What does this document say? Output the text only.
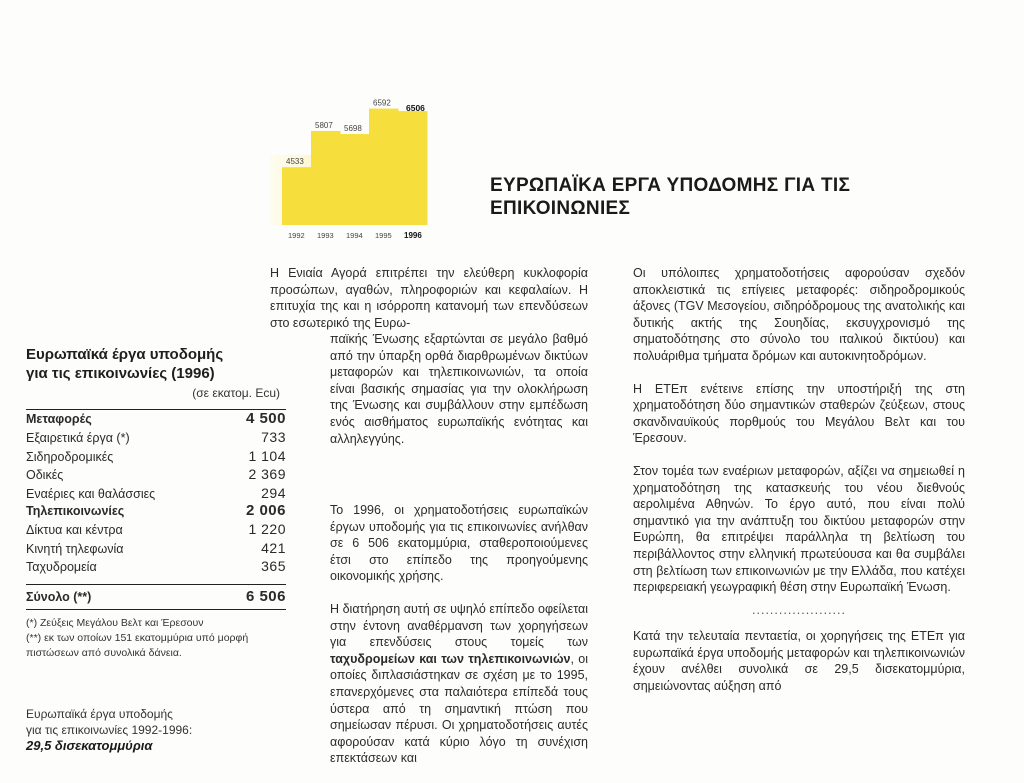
4533
5807 5698
6592 6506
1992 1993 1994 1995 1996
ΕΥΡΩΠΑΪΚΑ ΕΡΓΑ ΥΠΟΔΟΜΗΣ ΓΙΑ ΤΙΣ ΕΠΙΚΟΙΝΩΝΙΕΣ
Ευρωπαϊκά έργα υποδομής
για τις επικοινωνίες (1996)
(σε εκατομ. Ecu)
Μεταφορές	4 500
Εξαιρετικά έργα (*)	733
Σιδηροδρομικές	1 104
Οδικές	2 369
Εναέριες και θαλάσσιες	294
Τηλεπικοινωνίες	2 006
Δίκτυα και κέντρα	1 220
Κινητή τηλεφωνία	421
Ταχυδρομεία	365
Σύνολο (**)	6 506
(*) Ζεύξεις Μεγάλου Βελτ και Έρεσουν
(**) εκ των οποίων 151 εκατομμύρια υπό μορφή πιστώσεων από συνολικά δάνεια.
Ευρωπαϊκά έργα υποδομής
για τις επικοινωνίες 1992-1996:
29,5 δισεκατομμύρια
Η Ενιαία Αγορά επιτρέπει την ελεύθερη κυκλοφορία προσώπων, αγαθών, πληροφοριών και κεφαλαίων. Η επιτυχία της και η ισόρροπη κατανομή των επενδύσεων στο εσωτερικό της Ευρω-
παϊκής Ένωσης εξαρτώνται σε μεγάλο βαθμό από την ύπαρξη ορθά διαρθρωμένων δικτύων μεταφορών και τηλεπικοινωνιών, τα οποία είναι βασικής σημασίας για την ολοκλήρωση της Ένωσης και συμβάλλουν στην εμπέδωση ενός αισθήματος ευρωπαϊκής ενότητας και αλληλεγγύης.

Το 1996, οι χρηματοδοτήσεις ευρωπαϊκών έργων υποδομής για τις επικοινωνίες ανήλθαν σε 6 506 εκατομμύρια, σταθεροποιούμενες έτσι στο επίπεδο της προηγούμενης οικονομικής χρήσης.

Η διατήρηση αυτή σε υψηλό επίπεδο οφείλεται στην έντονη αναθέρμανση των χορηγήσεων για επενδύσεις στους τομείς των ταχυδρομείων και των τηλεπικοινωνιών, οι οποίες διπλασιάστηκαν σε σχέση με το 1995, επανερχόμενες στα παλαιότερα επίπεδά τους ύστερα από τη σημαντική πτώση που σημείωσαν πέρυσι. Οι χρηματοδοτήσεις αυτές αφορούσαν κατά κύριο λόγο τη συνέχιση επεκτάσεων και

Οι υπόλοιπες χρηματοδοτήσεις αφορούσαν σχεδόν αποκλειστικά τις επίγειες μεταφορές: σιδηροδρομικούς άξονες (TGV Μεσογείου, σιδηρόδρομους της ανατολικής και δυτικής ακτής της Σουηδίας, εκσυγχρονισμό της σηματοδότησης στο σύνολο του ιταλικού δικτύου) και πολυάριθμα τμήματα δρόμων και αυτοκινητοδρόμων.

Η ΕΤΕπ ενέτεινε επίσης την υποστήριξή της στη χρηματοδότηση δύο σημαντικών σταθερών ζεύξεων, στους σκανδιναυϊκούς πορθμούς του Μεγάλου Βελτ και του Έρεσουν.

Στον τομέα των εναέριων μεταφορών, αξίζει να σημειωθεί η χρηματοδότηση της κατασκευής του νέου διεθνούς αερολιμένα Αθηνών. Το έργο αυτό, που είναι πολύ σημαντικό για την ανάπτυξη του δικτύου μεταφορών στην Ευρώπη, θα επιτρέψει παράλληλα τη βελτίωση του περιβάλλοντος στην ελληνική πρωτεύουσα και θα συμβάλει στη βελτίωση των επικοινωνιών με την Ελλάδα, που κατέχει περιφερειακή γεωγραφική θέση στην Ευρωπαϊκή Ένωση.

.....................

Κατά την τελευταία πενταετία, οι χορηγήσεις της ΕΤΕπ για ευρωπαϊκά έργα υποδομής μεταφορών και τηλεπικοινωνιών έχουν ανέλθει συνολικά σε 29,5 δισεκατομμύρια, σημειώνοντας αύξηση από
